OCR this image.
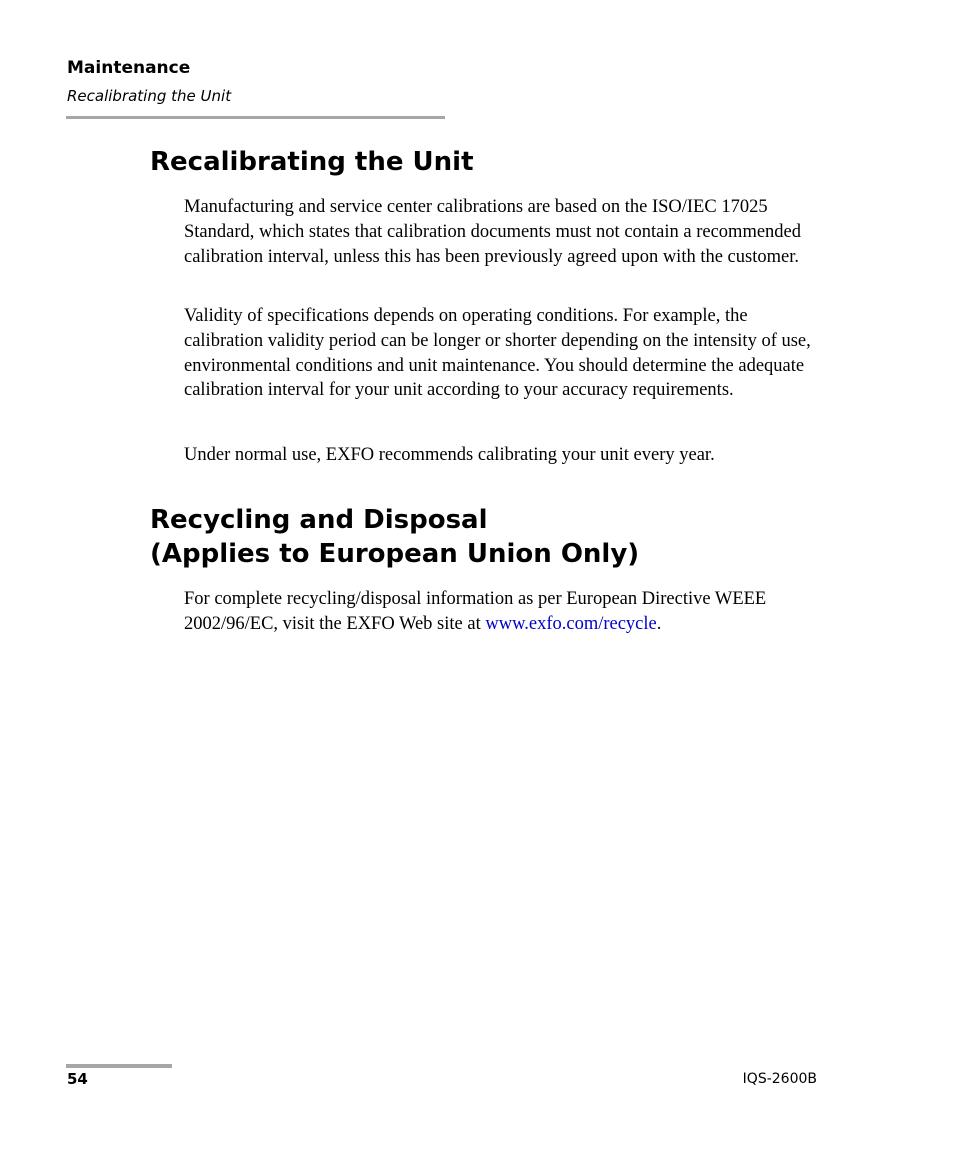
Maintenance
Recalibrating the Unit
Recalibrating the Unit

Manufacturing and service center calibrations are based on the ISO/IEC 17025 Standard, which states that calibration documents must not contain a recommended calibration interval, unless this has been previously agreed upon with the customer.

Validity of specifications depends on operating conditions. For example, the calibration validity period can be longer or shorter depending on the intensity of use, environmental conditions and unit maintenance. You should determine the adequate calibration interval for your unit according to your accuracy requirements.

Under normal use, EXFO recommends calibrating your unit every year.

Recycling and Disposal
(Applies to European Union Only)

For complete recycling/disposal information as per European Directive WEEE 2002/96/EC, visit the EXFO Web site at www.exfo.com/recycle.

54	IQS-2600B
